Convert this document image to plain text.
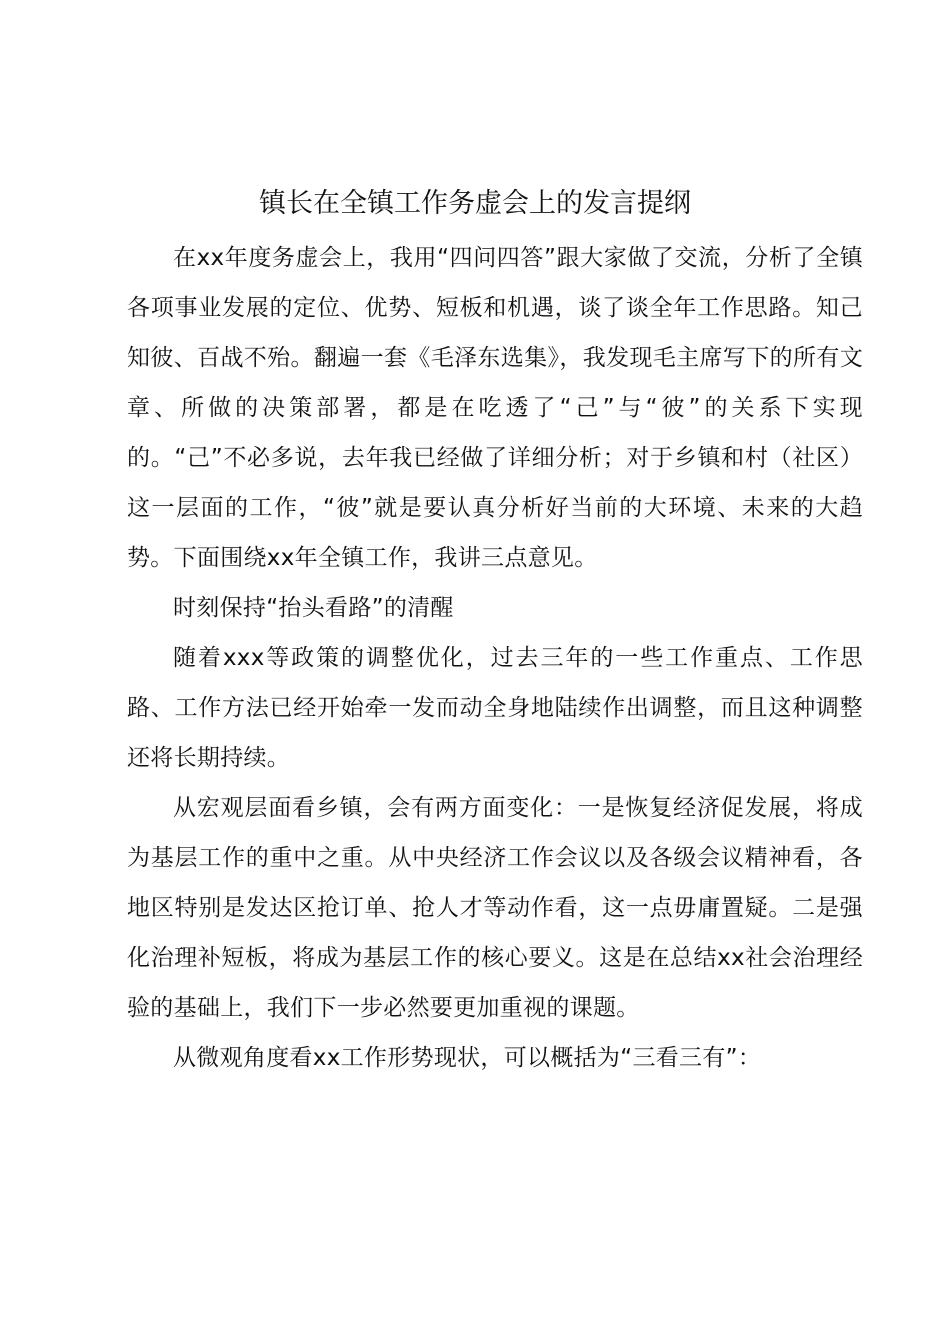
镇长在全镇工作务虚会上的发言提纲

在xx年度务虚会上，我用“四问四答”跟大家做了交流，分析了全镇各项事业发展的定位、优势、短板和机遇，谈了谈全年工作思路。知己知彼、百战不殆。翻遍一套《毛泽东选集》，我发现毛主席写下的所有文章、所做的决策部署，都是在吃透了“己”与“彼”的关系下实现的。“己”不必多说，去年我已经做了详细分析；对于乡镇和村（社区）这一层面的工作，“彼”就是要认真分析好当前的大环境、未来的大趋势。下面围绕xx年全镇工作，我讲三点意见。

时刻保持“抬头看路”的清醒

随着xxx等政策的调整优化，过去三年的一些工作重点、工作思路、工作方法已经开始牵一发而动全身地陆续作出调整，而且这种调整还将长期持续。

从宏观层面看乡镇，会有两方面变化：一是恢复经济促发展，将成为基层工作的重中之重。从中央经济工作会议以及各级会议精神看，各地区特别是发达区抢订单、抢人才等动作看，这一点毋庸置疑。二是强化治理补短板，将成为基层工作的核心要义。这是在总结xx社会治理经验的基础上，我们下一步必然要更加重视的课题。

从微观角度看xx工作形势现状，可以概括为“三看三有”：
